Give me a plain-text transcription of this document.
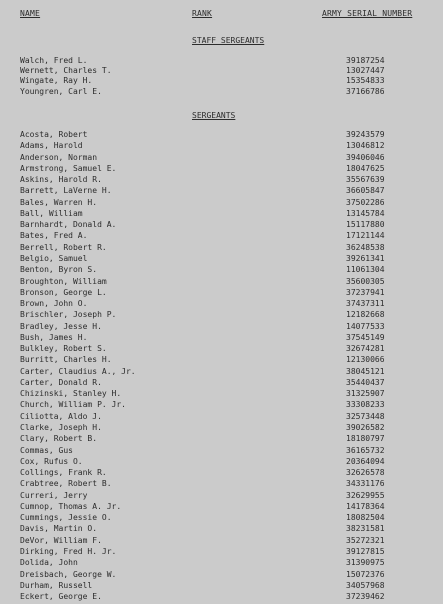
NAME	RANK	ARMY SERIAL NUMBER
STAFF SERGEANTS
Walch, Fred L.	39187254
Wernett, Charles T.	13027447
Wingate, Ray H.	15354833
Youngren, Carl E.	37166786
SERGEANTS
Acosta, Robert	39243579
Adams, Harold	13046812
Anderson, Norman	39406046
Armstrong, Samuel E.	18047625
Askins, Harold R.	35567639
Barrett, LaVerne H.	36605847
Bales, Warren H.	37502286
Ball, William	13145784
Barnhardt, Donald A.	15117880
Bates, Fred A.	17121144
Berrell, Robert R.	36248538
Belgio, Samuel	39261341
Benton, Byron S.	11061304
Broughton, William	35600305
Bronson, George L.	37237941
Brown, John O.	37437311
Brischler, Joseph P.	12182668
Bradley, Jesse H.	14077533
Bush, James H.	37545149
Bulkley, Robert S.	32674281
Burritt, Charles H.	12130066
Carter, Claudius A., Jr.	38045121
Carter, Donald R.	35440437
Chizinski, Stanley H.	31325907
Church, William P. Jr.	33308233
Ciliotta, Aldo J.	32573448
Clarke, Joseph H.	39026582
Clary, Robert B.	18180797
Commas, Gus	36165732
Cox, Rufus O.	20364094
Collings, Frank R.	32626578
Crabtree, Robert B.	34331176
Curreri, Jerry	32629955
Cumnop, Thomas A. Jr.	14178364
Cummings, Jessie O.	18082504
Davis, Martin O.	38231581
DeVor, William F.	35272321
Dirking, Fred H. Jr.	39127815
Dolida, John	31390975
Dreisbach, George W.	15072376
Durham, Russell	34057968
Eckert, George E.	37239462
